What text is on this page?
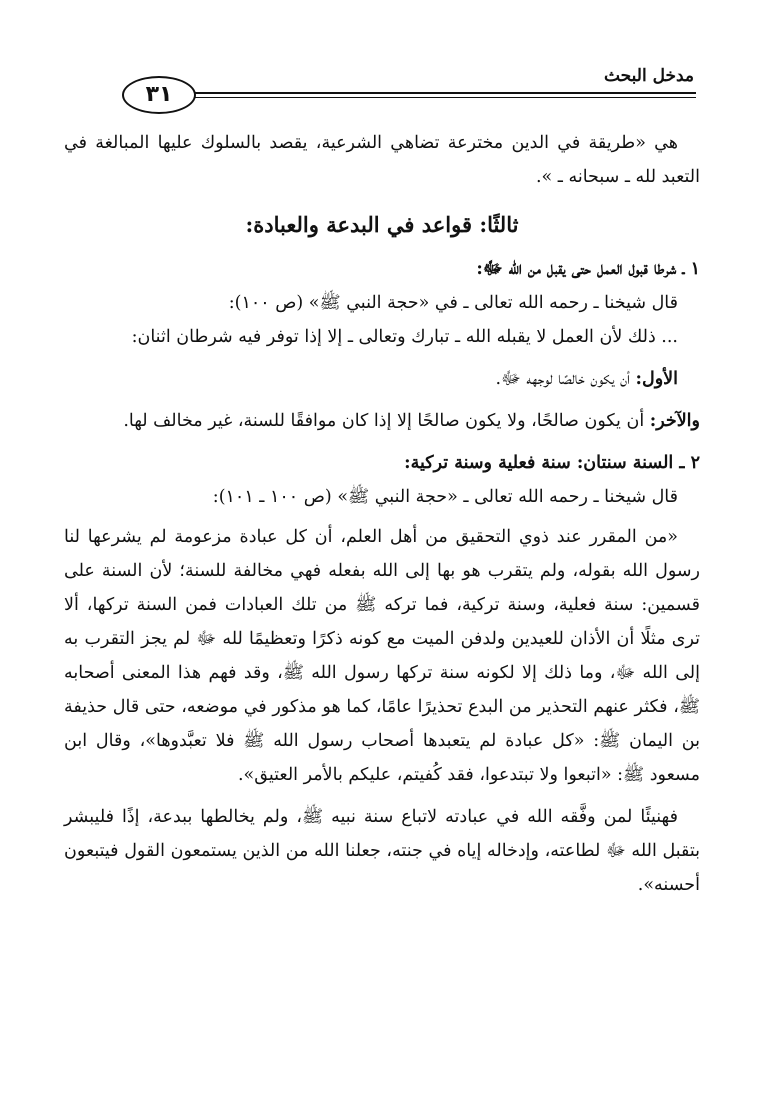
مدخل البحث
٣١

هي «طريقة في الدين مخترعة تضاهي الشرعية، يقصد بالسلوك عليها المبالغة في التعبد لله ـ سبحانه ـ ».

ثالثًا: قواعد في البدعة والعبادة:

١ ـ شرطا قبول العمل حتى يقبل من الله ﷻ:

قال شيخنا ـ رحمه الله تعالى ـ في «حجة النبي ﷺ» (ص ١٠٠):

... ذلك لأن العمل لا يقبله الله ـ تبارك وتعالى ـ إلا إذا توفر فيه شرطان اثنان:

الأول: أن يكون خالصًا لوجهه ﷻ.

والآخر: أن يكون صالحًا، ولا يكون صالحًا إلا إذا كان موافقًا للسنة، غير مخالف لها.

٢ ـ السنة سنتان: سنة فعلية وسنة تركية:

قال شيخنا ـ رحمه الله تعالى ـ «حجة النبي ﷺ» (ص ١٠٠ ـ ١٠١):

«من المقرر عند ذوي التحقيق من أهل العلم، أن كل عبادة مزعومة لم يشرعها لنا رسول الله بقوله، ولم يتقرب هو بها إلى الله بفعله فهي مخالفة للسنة؛ لأن السنة على قسمين: سنة فعلية، وسنة تركية، فما تركه ﷺ من تلك العبادات فمن السنة تركها، ألا ترى مثلًا أن الأذان للعيدين ولدفن الميت مع كونه ذكرًا وتعظيمًا لله ﷻ لم يجز التقرب به إلى الله ﷻ، وما ذلك إلا لكونه سنة تركها رسول الله ﷺ، وقد فهم هذا المعنى أصحابه ﷺ، فكثر عنهم التحذير من البدع تحذيرًا عامًا، كما هو مذكور في موضعه، حتى قال حذيفة بن اليمان ﷺ: «كل عبادة لم يتعبدها أصحاب رسول الله ﷺ فلا تعبَّدوها»، وقال ابن مسعود ﷺ: «اتبعوا ولا تبتدعوا، فقد كُفيتم، عليكم بالأمر العتيق».

فهنيئًا لمن وفَّقه الله في عبادته لاتباع سنة نبيه ﷺ، ولم يخالطها ببدعة، إذًا فليبشر بتقبل الله ﷻ لطاعته، وإدخاله إياه في جنته، جعلنا الله من الذين يستمعون القول فيتبعون أحسنه».
